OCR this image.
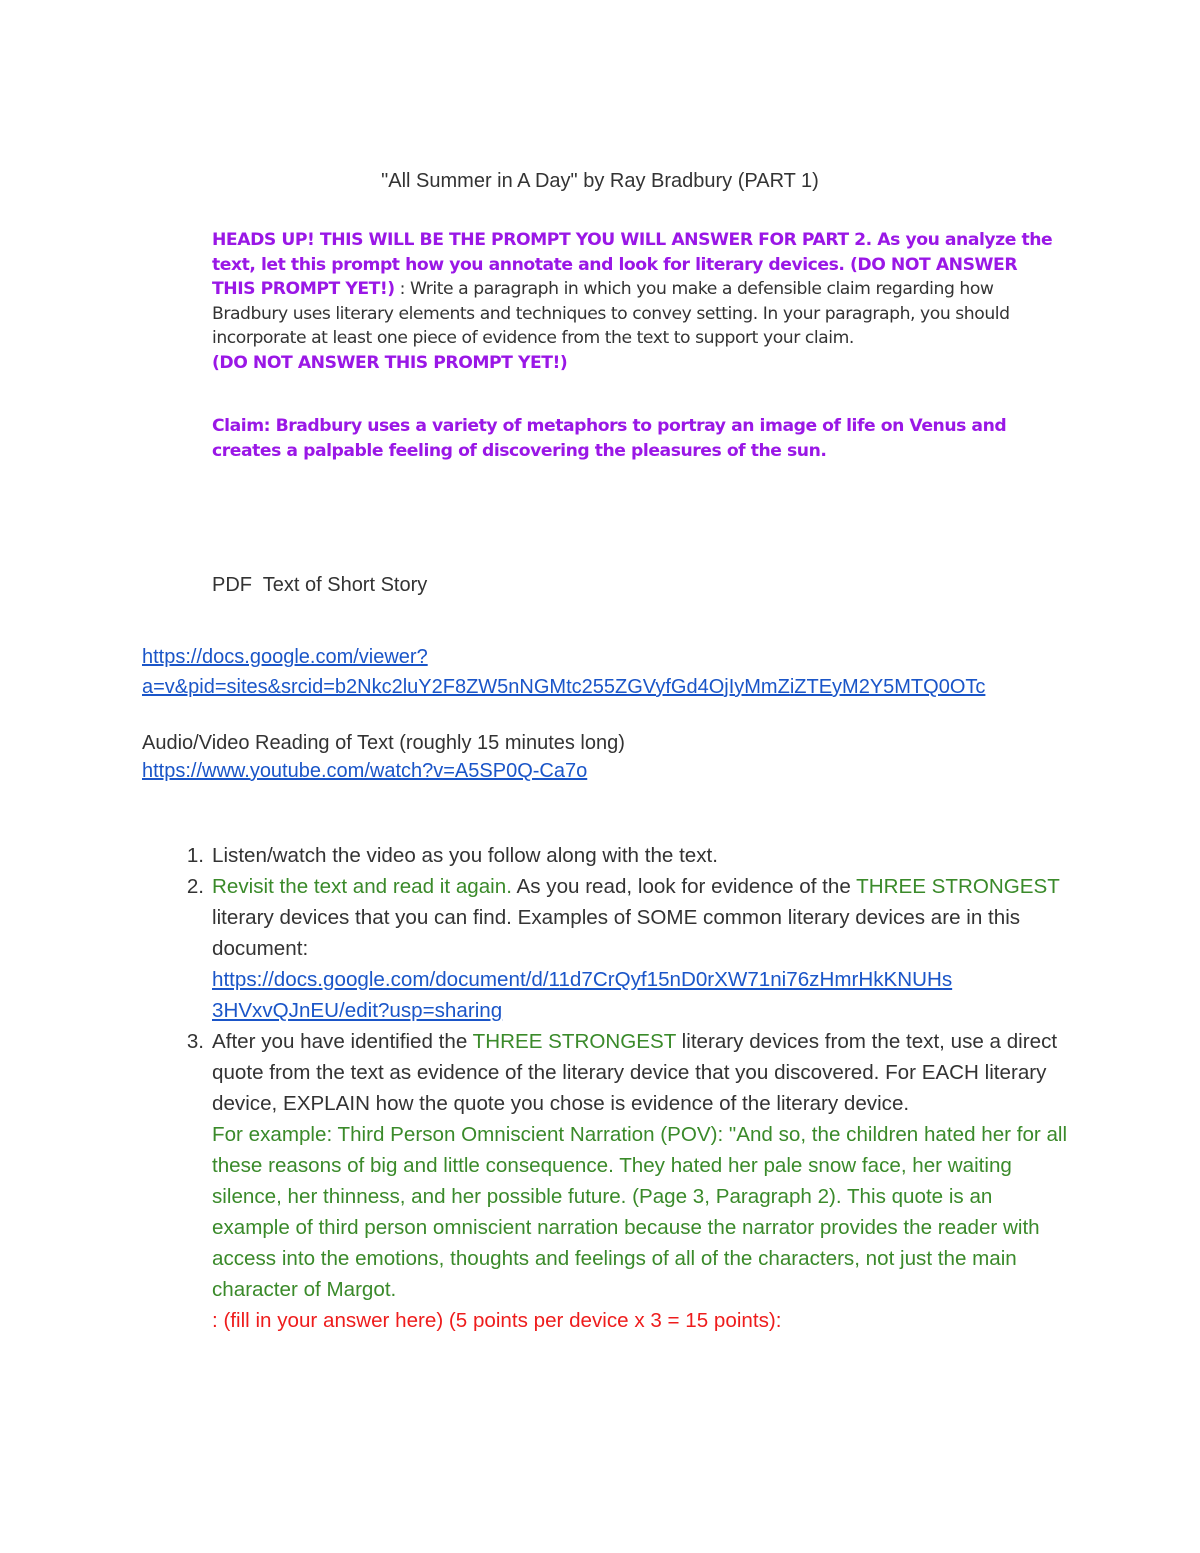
"All Summer in A Day" by Ray Bradbury (PART 1)
HEADS UP! THIS WILL BE THE PROMPT YOU WILL ANSWER FOR PART 2. As you analyze the text, let this prompt how you annotate and look for literary devices. (DO NOT ANSWER THIS PROMPT YET!) : Write a paragraph in which you make a defensible claim regarding how Bradbury uses literary elements and techniques to convey setting. In your paragraph, you should incorporate at least one piece of evidence from the text to support your claim.
(DO NOT ANSWER THIS PROMPT YET!)
Claim: Bradbury uses a variety of metaphors to portray an image of life on Venus and creates a palpable feeling of discovering the pleasures of the sun.
PDF  Text of Short Story
https://docs.google.com/viewer?
a=v&pid=sites&srcid=b2Nkc2luY2F8ZW5nNGMtc255ZGVyfGd4OjIyMmZiZTEyM2Y5MTQ0OTc
Audio/Video Reading of Text (roughly 15 minutes long)
https://www.youtube.com/watch?v=A5SP0Q-Ca7o
1. Listen/watch the video as you follow along with the text.
2. Revisit the text and read it again. As you read, look for evidence of the THREE STRONGEST literary devices that you can find. Examples of SOME common literary devices are in this document:
https://docs.google.com/document/d/11d7CrQyf15nD0rXW71ni76zHmrHkKNUHs
3HVxvQJnEU/edit?usp=sharing
3. After you have identified the THREE STRONGEST literary devices from the text, use a direct quote from the text as evidence of the literary device that you discovered. For EACH literary device, EXPLAIN how the quote you chose is evidence of the literary device.
For example: Third Person Omniscient Narration (POV): "And so, the children hated her for all these reasons of big and little consequence. They hated her pale snow face, her waiting silence, her thinness, and her possible future. (Page 3, Paragraph 2). This quote is an example of third person omniscient narration because the narrator provides the reader with access into the emotions, thoughts and feelings of all of the characters, not just the main character of Margot.
: (fill in your answer here) (5 points per device x 3 = 15 points):
